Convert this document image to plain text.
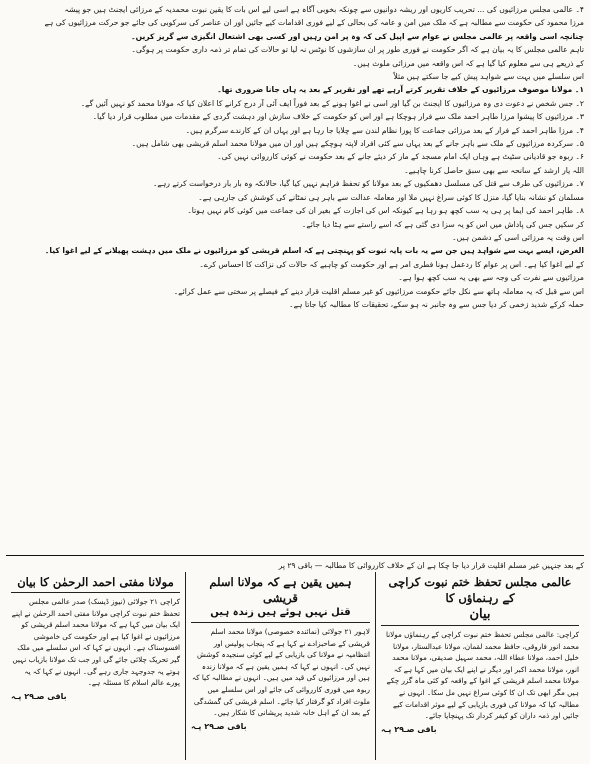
۴۔ عالمی مجلس مرزائیوں کی ... تحریب کاریوں اور ریشہ دوانیوں سے چونکہ بخوبی آگاہ ہے اسی لیے اس بات کا یقین نبوت محمدیہ کے مرزائی ایجنٹ ہیں جو پیشہ

مرزا محمود کی حکومت سے مطالبہ ہے کہ ملک میں امن و عامہ کی بحالی کے لیے فوری اقدامات کیے جائیں اور ان عناصر کی سرکوبی کی جائے جو حرکت مرزائیوں کی ہے

چنانچہ اسی واقعہ پر عالمی مجلس نے عوام سے اپیل کی کہ وہ پر امن رہیں اور کسی بھی اشتعال انگیزی سے گریز کریں۔

تاہم عالمی مجلس کا یہ بیان ہے کہ اگر حکومت نے فوری طور پر ان سازشوں کا نوٹس نہ لیا تو حالات کی تمام تر ذمہ داری حکومت پر ہوگی۔

کے ذریعے ہی سے معلوم کیا گیا ہے کہ اس واقعہ میں مرزائی ملوث ہیں۔

اس سلسلے میں بہت سے شواہد پیش کیے جا سکتے ہیں مثلاً

۱۔ مولانا موصوف مرزائیوں کے خلاف تقریر کرتے آرہے تھے اور تقریر کے بعد یہ ہاں جانا ضروری تھا۔

۲۔ جس شخص نے دعوت دی وہ مرزائیوں کا ایجنٹ بن گیا اور اسی نے اغوا ہونے کے بعد فوراً ایف آئی آر درج کرانے کا اعلان کیا کہ مولانا محمد کو نہیں آئیں گے۔

۳۔ مرزائیوں کا پیشوا مرزا طاہر احمد ملک سے فرار ہوچکا ہے اور اس کو حکومت کے خلاف سازش اور دہشت گردی کے مقدمات میں مطلوب قرار دیا گیا۔

۴۔ مرزا طاہر احمد کے فرار کے بعد مرزائی جماعت کا پورا نظام لندن سے چلایا جا رہا ہے اور یہاں ان کے کارندے سرگرم ہیں۔

۵۔ سرکردہ مرزائیوں کے ملک سے باہر جانے کے بعد یہاں سے کئی افراد لاپتہ ہوچکے ہیں اور ان میں مولانا محمد اسلم قریشی بھی شامل ہیں۔

۶۔ ربوہ جو قادیانی سٹیٹ ہے وہاں ایک امام مسجد کے مار کر دیئے جانے کے بعد حکومت نے کوئی کارروائی نہیں کی۔

اللہ یار ارشد کے سانحہ سے بھی سبق حاصل کرنا چاہیے۔

۷۔ مرزائیوں کی طرف سے قتل کی مسلسل دھمکیوں کے بعد مولانا کو تحفظ فراہم نہیں کیا گیا، حالانکہ وہ بار بار درخواست کرتے رہے۔

مسلمان کو نشانہ بنایا گیا، منزل کا کوئی سراغ نہیں ملا اور معاملہ عدالت سے باہر ہی نمٹانے کی کوشش کی جارہی ہے۔

۸۔ طاہر احمد کی ایما پر ہی یہ سب کچھ ہو رہا ہے کیونکہ اس کی اجازت کے بغیر ان کی جماعت میں کوئی کام نہیں ہوتا۔

کر سکیں جس کی پاداش میں اس کو یہ سزا دی گئی ہے کہ اسے راستے سے ہٹا دیا جائے۔

اس وقت یہ مرزائی اسی کے دشمن ہیں۔

الغرض، ایسے بہت سے شواہد ہیں جن سے یہ بات پایہ ثبوت کو پہنچتی ہے کہ اسلم قریشی کو مرزائیوں نے ملک میں دہشت پھیلانے کے لیے اغوا کیا۔

کے لیے اغوا کیا ہے۔ اس پر عوام کا ردعمل ہونا فطری امر ہے اور حکومت کو چاہیے کہ حالات کی نزاکت کا احساس کرے۔

مرزائیوں سے نفرت کی وجہ سے بھی یہ سب کچھ ہوا ہے۔

اس سے قبل کہ یہ معاملہ ہاتھ سے نکل جائے حکومت مرزائیوں کو غیر مسلم اقلیت قرار دینے کے فیصلے پر سختی سے عمل کرائے۔

حملہ کرکے شدید زخمی کر دیا جس سے وہ جانبر نہ ہو سکے، تحقیقات کا مطالبہ کیا جاتا ہے۔

کے بعد جنہیں غیر مسلم اقلیت قرار دیا جا چکا ہے ان کے خلاف کارروائی کا مطالبہ — باقی ۲۹ پر
عالمی مجلس تحفظ ختم نبوت کراچی کے رہنماؤں کا
بیان
کراچی: عالمی مجلس تحفظ ختم نبوت کراچی کے رہنماؤں مولانا محمد انور فاروقی، حافظ محمد لقمان، مولانا عبدالستار، مولانا خلیل احمد، مولانا عطاء اللہ، محمد سہیل صدیقی، مولانا محمد انور، مولانا محمد اکبر اور دیگر نے اپنے ایک بیان میں کہا ہے کہ مولانا محمد اسلم قریشی کے اغوا کے واقعہ کو کئی ماہ گزر چکے ہیں مگر ابھی تک ان کا کوئی سراغ نہیں مل سکا۔ انہوں نے مطالبہ کیا کہ مولانا کی فوری بازیابی کے لیے موثر اقدامات کیے جائیں اور ذمہ داران کو کیفر کردار تک پہنچایا جائے۔
باقی صـ۲۹ پـہ
ہمیں یقین ہے کہ مولانا اسلم قریشی
قتل نہیں ہوئے ہیں زندہ ہیں
لاہور ۲۱ جولائی (نمائندہ خصوصی) مولانا محمد اسلم قریشی کے صاحبزادے نے کہا ہے کہ پنجاب پولیس اور انتظامیہ نے مولانا کی بازیابی کے لیے کوئی سنجیدہ کوشش نہیں کی۔ انہوں نے کہا کہ ہمیں یقین ہے کہ مولانا زندہ ہیں اور مرزائیوں کی قید میں ہیں۔ انہوں نے مطالبہ کیا کہ ربوہ میں فوری کارروائی کی جائے اور اس سلسلے میں ملوث افراد کو گرفتار کیا جائے۔ اسلم قریشی کی گمشدگی کے بعد ان کے اہل خانہ شدید پریشانی کا شکار ہیں۔
باقی صـ۲۹ پـہ
مولانا مفتی احمد الرحمٰن کا بیان
کراچی ۲۱ جولائی (نیوز ڈیسک) صدر عالمی مجلس تحفظ ختم نبوت کراچی مولانا مفتی احمد الرحمٰن نے اپنے ایک بیان میں کہا ہے کہ مولانا محمد اسلم قریشی کو مرزائیوں نے اغوا کیا ہے اور حکومت کی خاموشی افسوسناک ہے۔ انہوں نے کہا کہ اس سلسلے میں ملک گیر تحریک چلائی جائے گی اور جب تک مولانا بازیاب نہیں ہوتے یہ جدوجہد جاری رہے گی۔ انہوں نے کہا کہ یہ پورے عالم اسلام کا مسئلہ ہے۔
باقی صـ۲۹ پـہ
